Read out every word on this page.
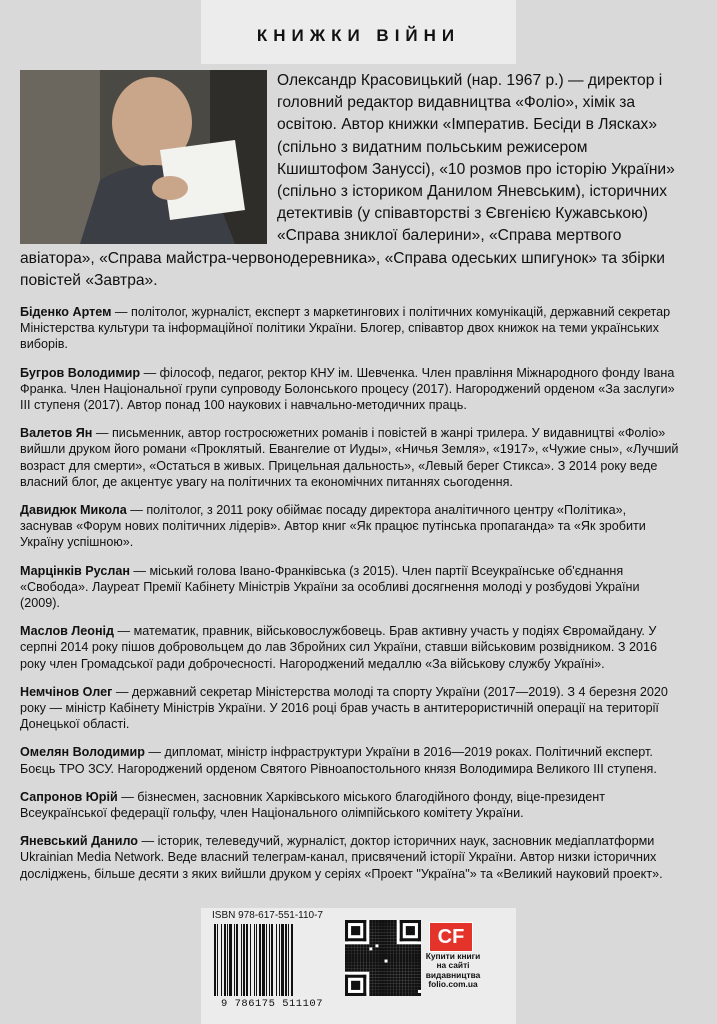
КНИЖКИ ВІЙНИ
Олександр Красовицький (нар. 1967 р.) — директор і головний редактор видавництва «Фоліо», хімік за освітою. Автор книжки «Імператив. Бесіди в Лясках» (спільно з видатним польським режисером Кшиштофом Занусcі), «10 розмов про історію України» (спільно з істориком Данилом Яневським), історичних детективів (у співавторстві з Євгенією Кужавською) «Справа зниклої балерини», «Справа мертвого авіатора», «Справа майстра-червонодеревника», «Справа одеських шпигунок» та збірки повістей «Завтра».

Біденко Артем — політолог, журналіст, експерт з маркетингових і політичних комунікацій, державний секретар Міністерства культури та інформаційної політики України. Блогер, співавтор двох книжок на теми українських виборів.

Бугров Володимир — філософ, педагог, ректор КНУ ім. Шевченка. Член правління Міжнародного фонду Івана Франка. Член Національної групи супроводу Болонського процесу (2017). Нагороджений орденом «За заслуги» ІІІ ступеня (2017). Автор понад 100 наукових і навчально-методичних праць.

Валетов Ян — письменник, автор гостросюжетних романів і повістей в жанрі трилера. У видавництві «Фоліо» вийшли друком його романи «Проклятый. Евангелие от Иуды», «Ничья Земля», «1917», «Чужие сны», «Лучший возраст для смерти», «Остаться в живых. Прицельная дальность», «Левый берег Стикса». З 2014 року веде власний блог, де акцентує увагу на політичних та економічних питаннях сьогодення.

Давидюк Микола — політолог, з 2011 року обіймає посаду директора аналітичного центру «Політика», заснував «Форум нових політичних лідерів». Автор книг «Як працює путінська пропаганда» та «Як зробити Україну успішною».

Марцінків Руслан — міський голова Івано-Франківська (з 2015). Член партії Всеукраїнське об'єднання «Свобода». Лауреат Премії Кабінету Міністрів України за особливі досягнення молоді у розбудові України (2009).

Маслов Леонід — математик, правник, військовослужбовець. Брав активну участь у подіях Євромайдану. У серпні 2014 року пішов добровольцем до лав Збройних сил України, ставши військовим розвідником. З 2016 року член Громадської ради доброчесності. Нагороджений медаллю «За військову службу Україні».

Немчінов Олег — державний секретар Міністерства молоді та спорту України (2017—2019). З 4 березня 2020 року — міністр Кабінету Міністрів України. У 2016 році брав участь в антитерористичній операції на території Донецької області.

Омелян Володимир — дипломат, міністр інфраструктури України в 2016—2019 роках. Політичний експерт. Боєць ТРО ЗСУ. Нагороджений орденом Святого Рівноапостольного князя Володимира Великого ІІІ ступеня.

Сапронов Юрій — бізнесмен, засновник Харківського міського благодійного фонду, віце-президент Всеукраїнської федерації гольфу, член Національного олімпійського комітету України.

Яневський Данило — історик, телеведучий, журналіст, доктор історичних наук, засновник медіаплатформи Ukrainian Media Network. Веде власний телеграм-канал, присвячений історії України. Автор низки історичних досліджень, більше десяти з яких вийшли друком у серіях «Проект "Україна"» та «Великий науковий проект».

ISBN 978-617-551-110-7
9 786175 511107
CF
Купити книги на сайті видавництва folio.com.ua
